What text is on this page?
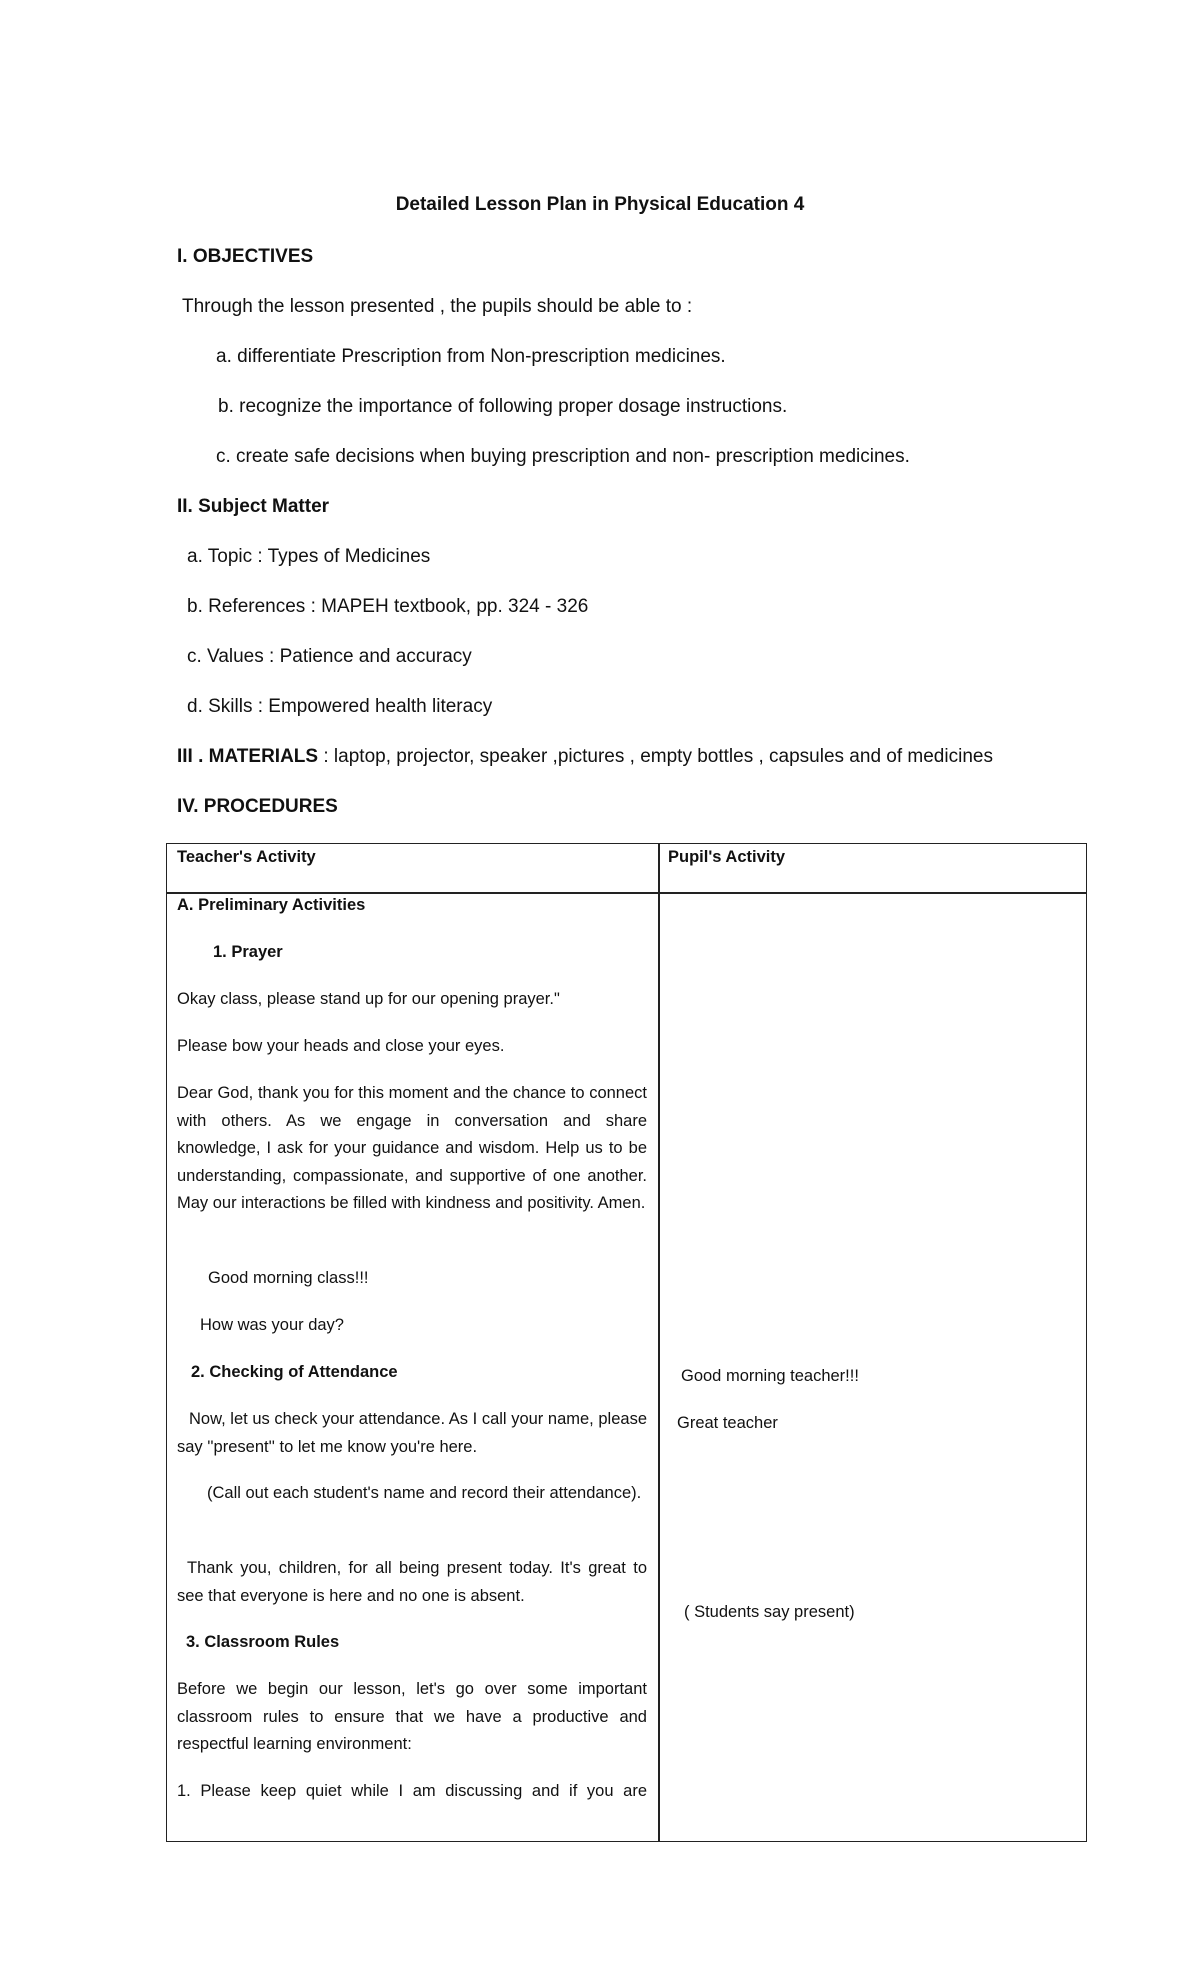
Detailed Lesson Plan in Physical Education 4
I. OBJECTIVES
Through the lesson presented , the pupils should be able to :
a. differentiate Prescription from Non-prescription medicines.
b. recognize the importance of following proper dosage instructions.
c. create safe decisions when buying prescription and non- prescription medicines.
II. Subject Matter
a. Topic : Types of Medicines
b. References : MAPEH textbook, pp. 324 - 326
c. Values : Patience and accuracy
d. Skills : Empowered health literacy
III . MATERIALS : laptop, projector, speaker ,pictures , empty bottles , capsules and of medicines
IV. PROCEDURES
Teacher's Activity	Pupil's Activity
A. Preliminary Activities
1. Prayer
Okay class, please stand up for our opening prayer."
Please bow your heads and close your eyes.
Dear God, thank you for this moment and the chance to connect with others. As we engage in conversation and share knowledge, I ask for your guidance and wisdom. Help us to be understanding, compassionate, and supportive of one another. May our interactions be filled with kindness and positivity. Amen.
Good morning class!!!
How was your day?
2. Checking of Attendance
Now, let us check your attendance. As I call your name, please say ''present'' to let me know you're here.
(Call out each student's name and record their attendance).
Thank you, children, for all being present today. It's great to see that everyone is here and no one is absent.
3. Classroom Rules
Before we begin our lesson, let's go over some important classroom rules to ensure that we have a productive and respectful learning environment:
1. Please keep quiet while I am discussing and if you are
Good morning teacher!!!
Great teacher
( Students say present)
